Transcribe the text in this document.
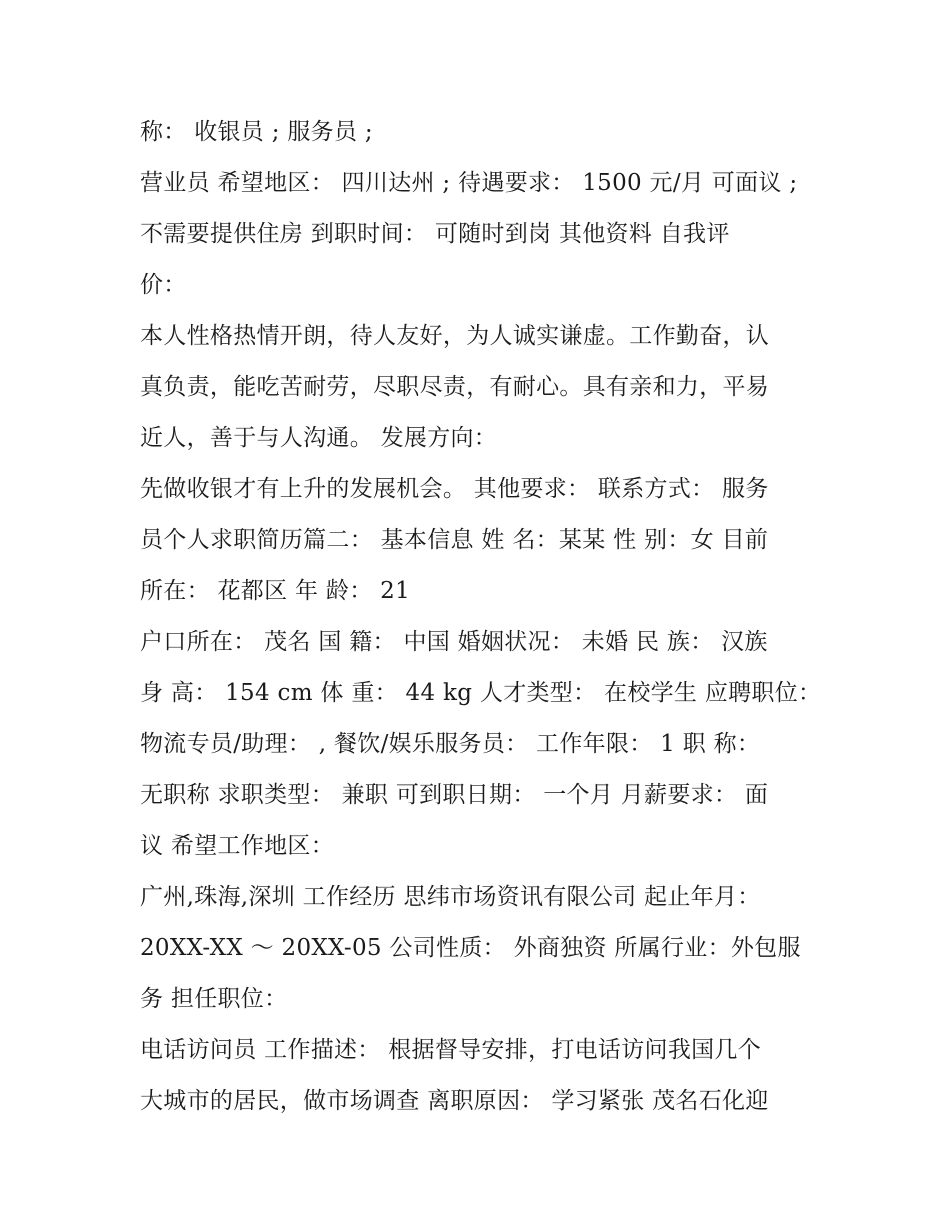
称： 收银员 ; 服务员 ;
营业员 希望地区： 四川达州 ; 待遇要求： 1500 元/月 可面议 ;
不需要提供住房 到职时间： 可随时到岗 其他资料 自我评
价：
本人性格热情开朗，待人友好，为人诚实谦虚。工作勤奋，认
真负责，能吃苦耐劳，尽职尽责，有耐心。具有亲和力，平易
近人，善于与人沟通。 发展方向：
先做收银才有上升的发展机会。 其他要求： 联系方式： 服务
员个人求职简历篇二： 基本信息 姓 名：某某 性 别：女 目前
所在： 花都区 年 龄： 21
户口所在： 茂名 国 籍： 中国 婚姻状况： 未婚 民 族： 汉族
身 高： 154 cm 体 重： 44 kg 人才类型： 在校学生 应聘职位：
物流专员/助理： , 餐饮/娱乐服务员： 工作年限： 1 职 称：
无职称 求职类型： 兼职 可到职日期： 一个月 月薪要求： 面
议 希望工作地区：
广州,珠海,深圳 工作经历 思纬市场资讯有限公司 起止年月：
20XX-XX ～ 20XX-05 公司性质： 外商独资 所属行业：外包服
务 担任职位：
电话访问员 工作描述： 根据督导安排，打电话访问我国几个
大城市的居民，做市场调查 离职原因： 学习紧张 茂名石化迎
